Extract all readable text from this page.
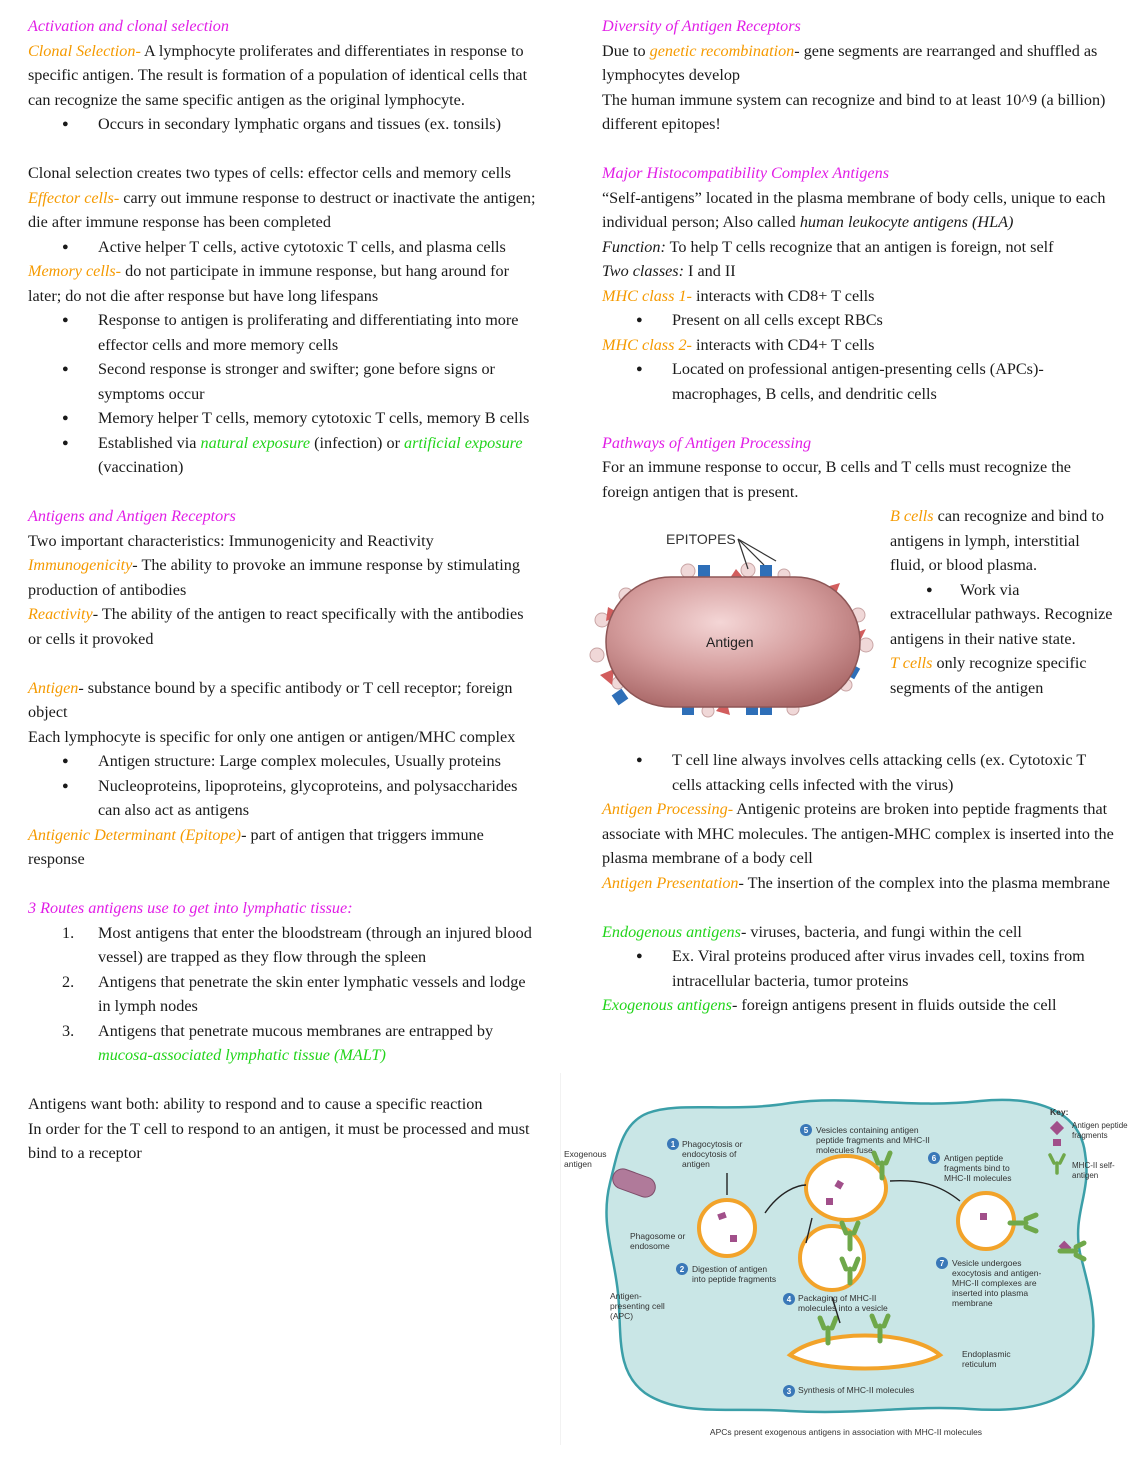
Activation and clonal selection

Clonal Selection- A lymphocyte proliferates and differentiates in response to specific antigen. The result is formation of a population of identical cells that can recognize the same specific antigen as the original lymphocyte.

● Occurs in secondary lymphatic organs and tissues (ex. tonsils)

Clonal selection creates two types of cells: effector cells and memory cells

Effector cells- carry out immune response to destruct or inactivate the antigen; die after immune response has been completed

● Active helper T cells, active cytotoxic T cells, and plasma cells

Memory cells- do not participate in immune response, but hang around for later; do not die after response but have long lifespans

● Response to antigen is proliferating and differentiating into more effector cells and more memory cells
● Second response is stronger and swifter; gone before signs or symptoms occur
● Memory helper T cells, memory cytotoxic T cells, memory B cells
● Established via natural exposure (infection) or artificial exposure (vaccination)

Antigens and Antigen Receptors

Two important characteristics: Immunogenicity and Reactivity

Immunogenicity- The ability to provoke an immune response by stimulating production of antibodies

Reactivity- The ability of the antigen to react specifically with the antibodies or cells it provoked

Antigen- substance bound by a specific antibody or T cell receptor; foreign object

Each lymphocyte is specific for only one antigen or antigen/MHC complex

● Antigen structure: Large complex molecules, Usually proteins
● Nucleoproteins, lipoproteins, glycoproteins, and polysaccharides can also act as antigens

Antigenic Determinant (Epitope)- part of antigen that triggers immune response

3 Routes antigens use to get into lymphatic tissue:

1. Most antigens that enter the bloodstream (through an injured blood vessel) are trapped as they flow through the spleen
2. Antigens that penetrate the skin enter lymphatic vessels and lodge in lymph nodes
3. Antigens that penetrate mucous membranes are entrapped by mucosa-associated lymphatic tissue (MALT)

Antigens want both: ability to respond and to cause a specific reaction

In order for the T cell to respond to an antigen, it must be processed and must bind to a receptor

Diversity of Antigen Receptors

Due to genetic recombination- gene segments are rearranged and shuffled as lymphocytes develop

The human immune system can recognize and bind to at least 10^9 (a billion) different epitopes!

Major Histocompatibility Complex Antigens

“Self-antigens” located in the plasma membrane of body cells, unique to each individual person; Also called human leukocyte antigens (HLA)

Function: To help T cells recognize that an antigen is foreign, not self

Two classes: I and II

MHC class 1- interacts with CD8+ T cells

● Present on all cells except RBCs

MHC class 2- interacts with CD4+ T cells

● Located on professional antigen-presenting cells (APCs)- macrophages, B cells, and dendritic cells

Pathways of Antigen Processing

For an immune response to occur, B cells and T cells must recognize the foreign antigen that is present.

EPITOPES
Antigen

B cells can recognize and bind to antigens in lymph, interstitial fluid, or blood plasma.

● Work via

extracellular pathways. Recognize antigens in their native state.

T cells only recognize specific segments of the antigen

● T cell line always involves cells attacking cells (ex. Cytotoxic T cells attacking cells infected with the virus)

Antigen Processing- Antigenic proteins are broken into peptide fragments that associate with MHC molecules. The antigen-MHC complex is inserted into the plasma membrane of a body cell

Antigen Presentation- The insertion of the complex into the plasma membrane

Endogenous antigens- viruses, bacteria, and fungi within the cell

● Ex. Viral proteins produced after virus invades cell, toxins from intracellular bacteria, tumor proteins

Exogenous antigens- foreign antigens present in fluids outside the cell

1
2
3
4
5
6
7
Exogenous antigen
Phagosome or endosome
Antigen-presenting cell (APC)
Phagocytosis or endocytosis of antigen
Digestion of antigen into peptide fragments
Synthesis of MHC-II molecules
Packaging of MHC-II molecules into a vesicle
Vesicles containing antigen peptide fragments and MHC-II molecules fuse
Antigen peptide fragments bind to MHC-II molecules
Vesicle undergoes exocytosis and antigen-MHC-II complexes are inserted into plasma membrane
Endoplasmic reticulum
Key:
Antigen peptide fragments
MHC-II self-antigen
APCs present exogenous antigens in association with MHC-II molecules
